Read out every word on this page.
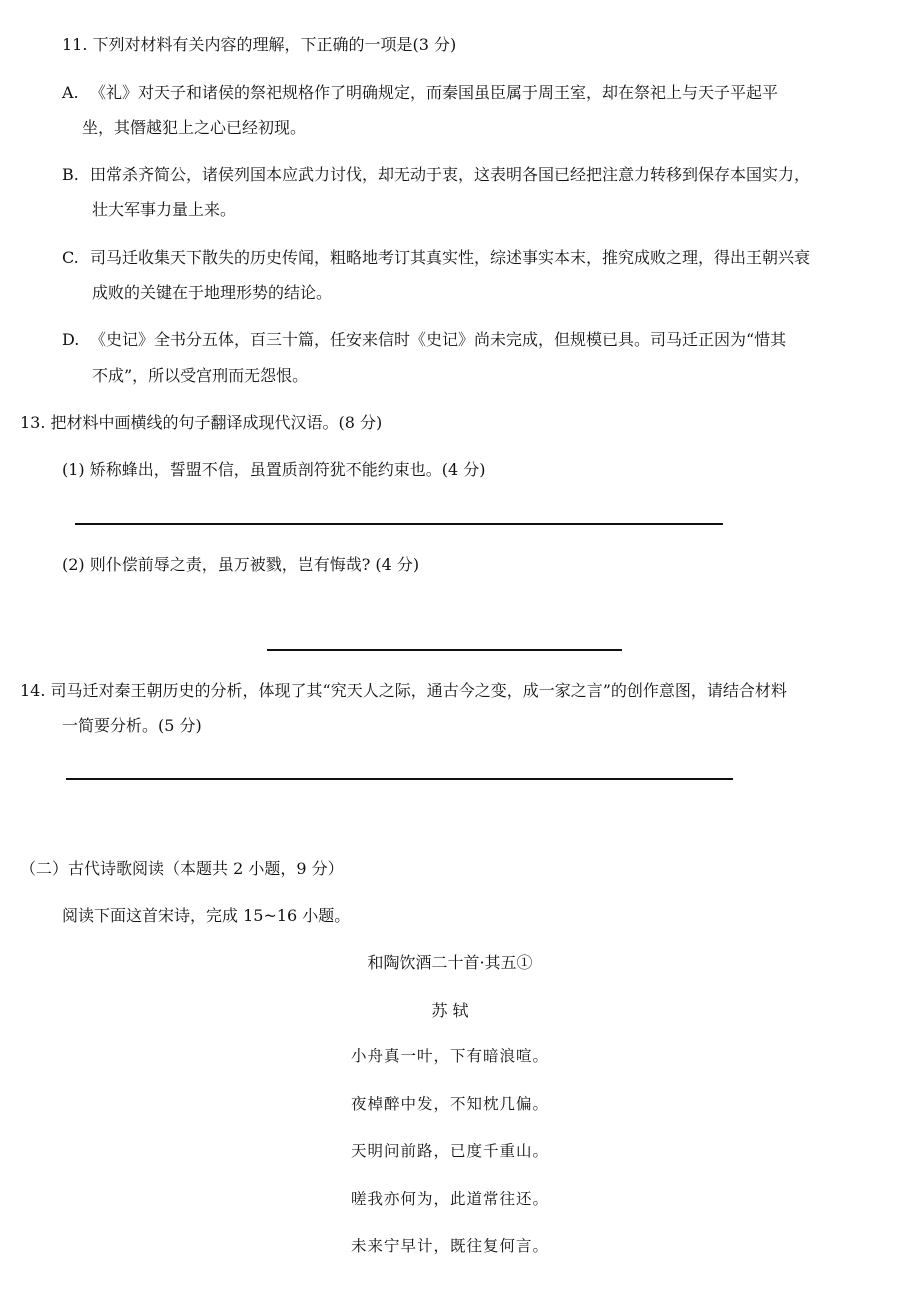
11. 下列对材料有关内容的理解，下正确的一项是(3 分)
A. 《礼》对天子和诸侯的祭祀规格作了明确规定，而秦国虽臣属于周王室，却在祭祀上与天子平起平
坐，其僭越犯上之心已经初现。
B. 田常杀齐简公，诸侯列国本应武力讨伐，却无动于衷，这表明各国已经把注意力转移到保存本国实力，
壮大军事力量上来。
C. 司马迁收集天下散失的历史传闻，粗略地考订其真实性，综述事实本末，推究成败之理，得出王朝兴衰
成败的关键在于地理形势的结论。
D. 《史记》全书分五体，百三十篇，任安来信时《史记》尚未完成，但规模已具。司马迁正因为“惜其
不成”，所以受宫刑而无怨恨。
13. 把材料中画横线的句子翻译成现代汉语。(8 分)
(1) 矫称蜂出，誓盟不信，虽置质剖符犹不能约束也。(4 分)
(2) 则仆偿前辱之责，虽万被戮，岂有悔哉? (4 分)
14. 司马迁对秦王朝历史的分析，体现了其“究天人之际，通古今之变，成一家之言”的创作意图，请结合材料
一简要分析。(5 分)
（二）古代诗歌阅读（本题共 2 小题，9 分）
阅读下面这首宋诗，完成 15~16 小题。
和陶饮酒二十首·其五①
苏 轼
小舟真一叶，下有暗浪喧。
夜棹醉中发，不知枕几偏。
天明问前路，已度千重山。
嗟我亦何为，此道常往还。
未来宁早计，既往复何言。
